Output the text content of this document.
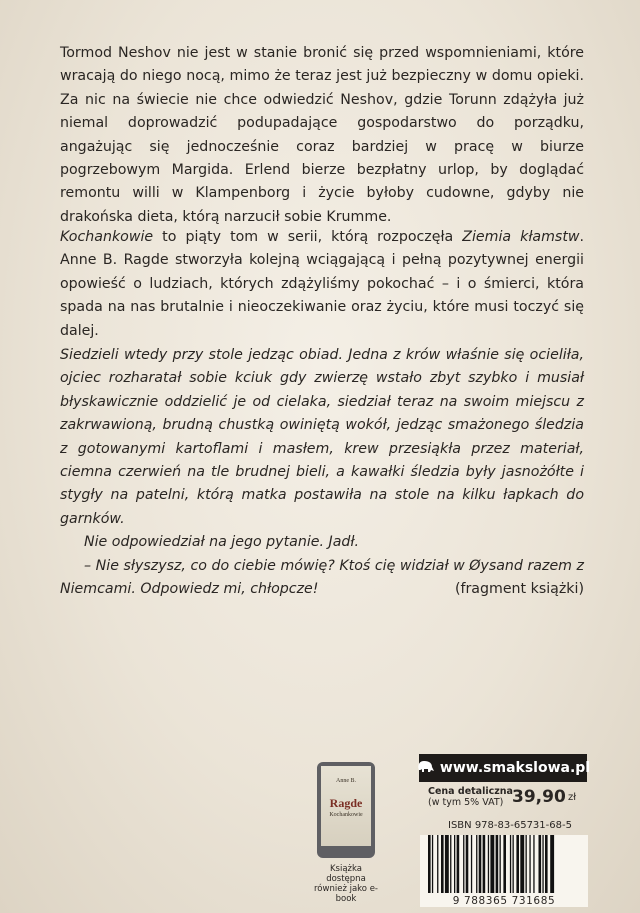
Tormod Neshov nie jest w stanie bronić się przed wspomnieniami, które wracają do niego nocą, mimo że teraz jest już bezpieczny w domu opieki. Za nic na świecie nie chce odwiedzić Neshov, gdzie Torunn zdążyła już niemal doprowadzić podupadające gospodarstwo do porządku, angażując się jednocześnie coraz bardziej w pracę w biurze pogrzebowym Margida. Erlend bierze bezpłatny urlop, by doglądać remontu willi w Klampenborg i życie byłoby cudowne, gdyby nie drakońska dieta, którą narzucił sobie Krumme.

Kochankowie to piąty tom w serii, którą rozpoczęła Ziemia kłamstw. Anne B. Ragde stworzyła kolejną wciągającą i pełną pozytywnej energii opowieść o ludziach, których zdążyliśmy pokochać – i o śmierci, która spada na nas brutalnie i nieoczekiwanie oraz życiu, które musi toczyć się dalej.

Siedzieli wtedy przy stole jedząc obiad. Jedna z krów właśnie się ocieliła, ojciec rozharatał sobie kciuk gdy zwierzę wstało zbyt szybko i musiał błyskawicznie oddzielić je od cielaka, siedział teraz na swoim miejscu z zakrwawioną, brudną chustką owiniętą wokół, jedząc smażonego śledzia z gotowanymi kartoflami i masłem, krew przesiąkła przez materiał, ciemna czerwień na tle brudnej bieli, a kawałki śledzia były jasnożółte i stygły na patelni, którą matka postawiła na stole na kilku łapkach do garnków.

Nie odpowiedział na jego pytanie. Jadł.

– Nie słyszysz, co do ciebie mówię? Ktoś cię widział w Øysand razem z Niemcami. Odpowiedz mi, chłopcze!	(fragment książki)
Anne B.
Ragde
Kochankowie
Książka dostępna
również jako e-book
www.smakslowa.pl
Cena detaliczna
(w tym 5% VAT) 39,90 zł
ISBN 978-83-65731-68-5
9 788365 731685
